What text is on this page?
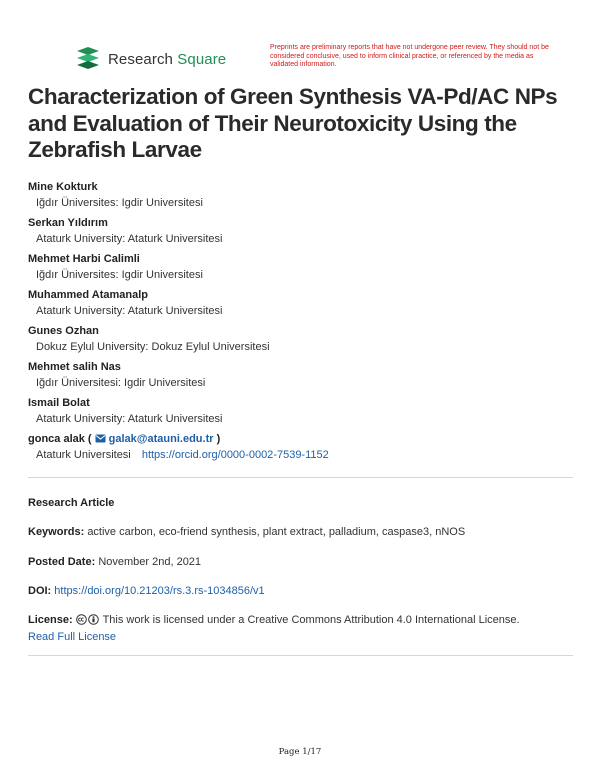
Research Square
Preprints are preliminary reports that have not undergone peer review. They should not be considered conclusive, used to inform clinical practice, or referenced by the media as validated information.
Characterization of Green Synthesis VA-Pd/AC NPs and Evaluation of Their Neurotoxicity Using the Zebrafish Larvae
Mine Kokturk
Iğdır Üniversites: Igdir Universitesi
Serkan Yıldırım
Ataturk University: Ataturk Universitesi
Mehmet Harbi Calimli
Iğdır Üniversites: Igdir Universitesi
Muhammed Atamanalp
Ataturk University: Ataturk Universitesi
Gunes Ozhan
Dokuz Eylul University: Dokuz Eylul Universitesi
Mehmet salih Nas
Iğdır Üniversitesi: Igdir Universitesi
Ismail Bolat
Ataturk University: Ataturk Universitesi
gonca alak ( galak@atauni.edu.tr )
Ataturk Universitesi https://orcid.org/0000-0002-7539-1152
Research Article
Keywords: active carbon, eco-friend synthesis, plant extract, palladium, caspase3, nNOS
Posted Date: November 2nd, 2021
DOI: https://doi.org/10.21203/rs.3.rs-1034856/v1
License:	This work is licensed under a Creative Commons Attribution 4.0 International License.
Read Full License
Page 1/17
